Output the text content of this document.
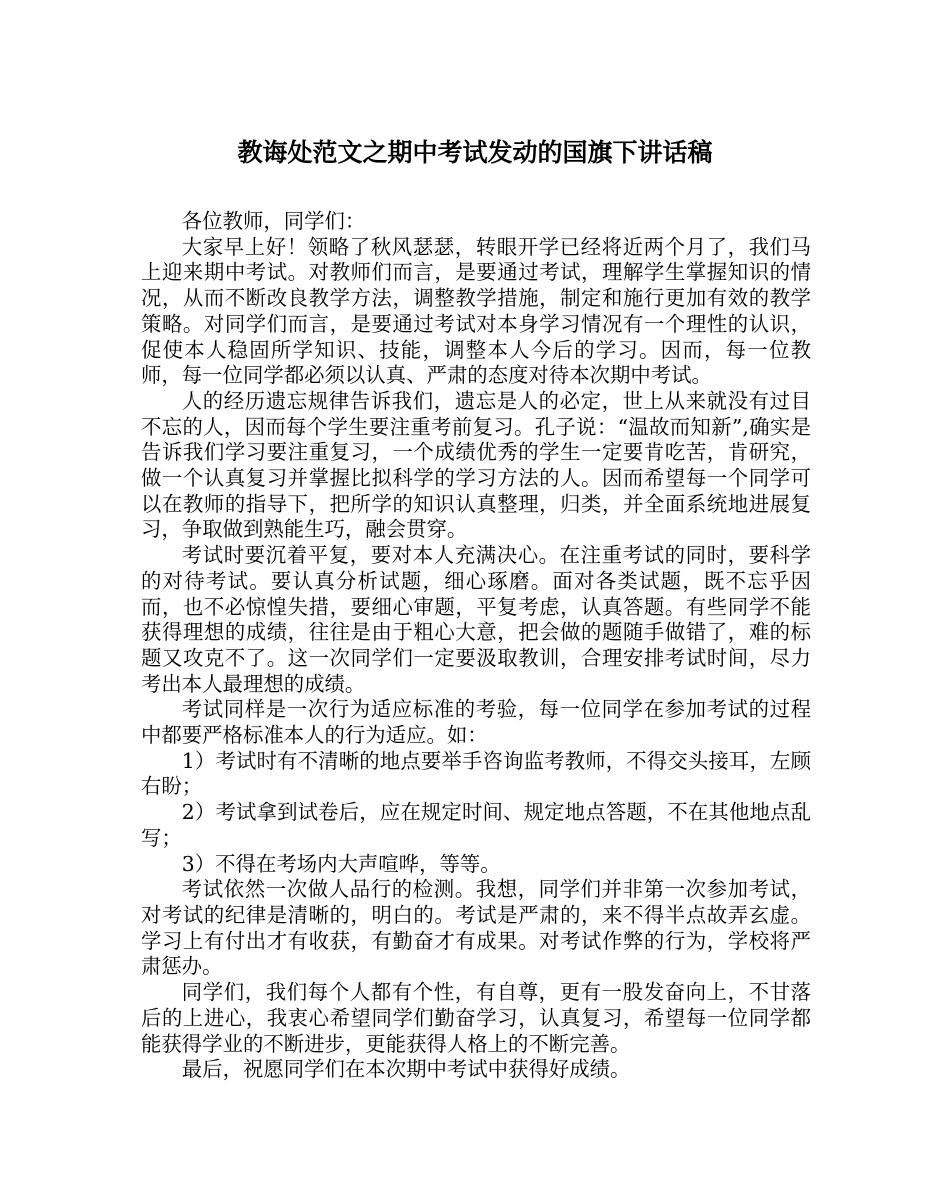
教诲处范文之期中考试发动的国旗下讲话稿

各位教师，同学们：

大家早上好！领略了秋风瑟瑟，转眼开学已经将近两个月了，我们马上迎来期中考试。对教师们而言，是要通过考试，理解学生掌握知识的情况，从而不断改良教学方法，调整教学措施，制定和施行更加有效的教学策略。对同学们而言，是要通过考试对本身学习情况有一个理性的认识，促使本人稳固所学知识、技能，调整本人今后的学习。因而，每一位教师，每一位同学都必须以认真、严肃的态度对待本次期中考试。

人的经历遗忘规律告诉我们，遗忘是人的必定，世上从来就没有过目不忘的人，因而每个学生要注重考前复习。孔子说：“温故而知新”,确实是告诉我们学习要注重复习，一个成绩优秀的学生一定要肯吃苦，肯研究，做一个认真复习并掌握比拟科学的学习方法的人。因而希望每一个同学可以在教师的指导下，把所学的知识认真整理，归类，并全面系统地进展复习，争取做到熟能生巧，融会贯穿。

考试时要沉着平复，要对本人充满决心。在注重考试的同时，要科学的对待考试。要认真分析试题，细心琢磨。面对各类试题，既不忘乎因而，也不必惊惶失措，要细心审题，平复考虑，认真答题。有些同学不能获得理想的成绩，往往是由于粗心大意，把会做的题随手做错了，难的标题又攻克不了。这一次同学们一定要汲取教训，合理安排考试时间，尽力考出本人最理想的成绩。

考试同样是一次行为适应标准的考验，每一位同学在参加考试的过程中都要严格标准本人的行为适应。如：

1）考试时有不清晰的地点要举手咨询监考教师，不得交头接耳，左顾右盼；

2）考试拿到试卷后，应在规定时间、规定地点答题，不在其他地点乱写；

3）不得在考场内大声喧哗，等等。

考试依然一次做人品行的检测。我想，同学们并非第一次参加考试，对考试的纪律是清晰的，明白的。考试是严肃的，来不得半点故弄玄虚。学习上有付出才有收获，有勤奋才有成果。对考试作弊的行为，学校将严肃惩办。

同学们，我们每个人都有个性，有自尊，更有一股发奋向上，不甘落后的上进心，我衷心希望同学们勤奋学习，认真复习，希望每一位同学都能获得学业的不断进步，更能获得人格上的不断完善。

最后，祝愿同学们在本次期中考试中获得好成绩。
